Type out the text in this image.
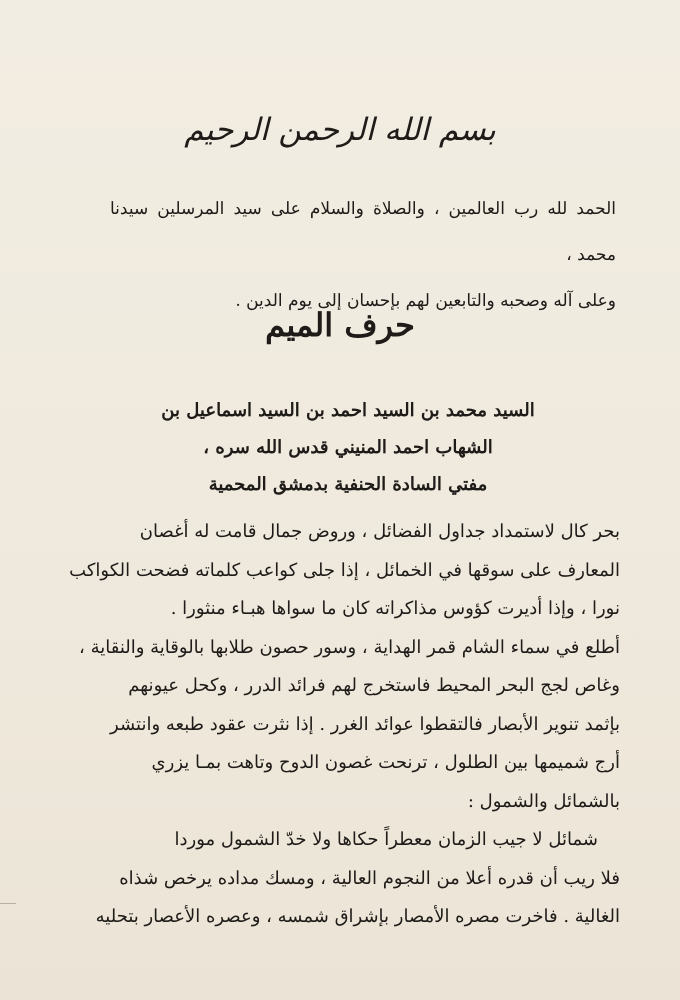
بسم الله الرحمن الرحيم

الحمد لله رب العالمين ، والصلاة والسلام على سيد المرسلين سيدنا محمد ،

وعلى آله وصحبه والتابعين لهم بإحسان إلى يوم الدين .

حرف الميم
السيد محمد بن السيد احمد بن السيد اسماعيل بن
الشهاب احمد المنيني قدس الله سره ،
مفتي السادة الحنفية بدمشق المحمية
بحر كال لاستمداد جداول الفضائل ، وروض جمال قامت له أغصان
المعارف على سوقها في الخمائل ، إذا جلى كواعب كلماته فضحت الكواكب
نورا ، وإذا أديرت كؤوس مذاكراته كان ما سواها هبـاء منثورا .
أطلع في سماء الشام قمر الهداية ، وسور حصون طلابها بالوقاية والنقاية ،
وغاص لجج البحر المحيط فاستخرج لهم فرائد الدرر ، وكحل عيونهم
بإثمد تنوير الأبصار فالتقطوا عوائد الغرر . إذا نثرت عقود طبعه وانتشر
أرج شميمها بين الطلول ، ترنحت غصون الدوح وتاهت بمـا يزري
بالشمائل والشمول :
شمائل لا جيب الزمان معطراً حكاها ولا خدّ الشمول موردا
فلا ريب أن قدره أعلا من النجوم العالية ، ومسك مداده يرخص شذاه
الغالية . فاخرت مصره الأمصار بإشراق شمسه ، وعصره الأعصار بتحليه
